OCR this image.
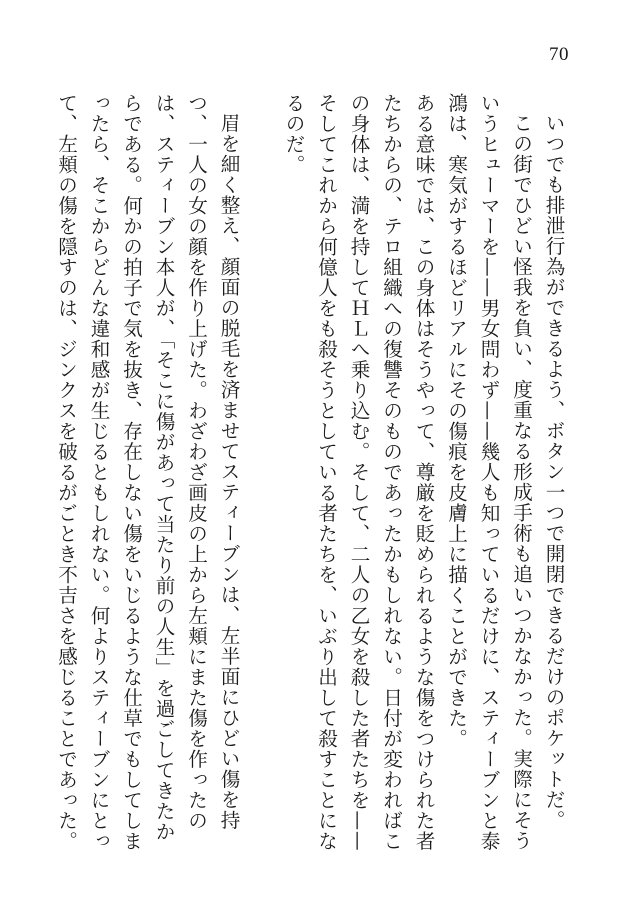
70

いつでも排泄行為ができるよう、ボタン一つで開閉できるだけのポケットだ。

この街でひどい怪我を負い、度重なる形成手術も追いつかなかった。実際にそういうヒューマーを——男女問わず——幾人も知っているだけに、スティーブンと泰鴻は、寒気がするほどリアルにその傷痕を皮膚上に描くことができた。

ある意味では、この身体はそうやって、尊厳を貶められるような傷をつけられた者たちからの、テロ組織への復讐そのものであったかもしれない。日付が変わればこの身体は、満を持してＨＬへ乗り込む。そして、二人の乙女を殺した者たちを——そしてこれから何億人をも殺そうとしている者たちを、いぶり出して殺すことになるのだ。

眉を細く整え、顔面の脱毛を済ませてスティーブンは、左半面にひどい傷を持つ、一人の女の顔を作り上げた。わざわざ画皮の上から左頬にまた傷を作ったのは、スティーブン本人が、「そこに傷があって当たり前の人生」を過ごしてきたからである。何かの拍子で気を抜き、存在しない傷をいじるような仕草でもしてしまったら、そこからどんな違和感が生じるともしれない。何よりスティーブンにとって、左頬の傷を隠すのは、ジンクスを破るがごとき不吉さを感じることであった。
